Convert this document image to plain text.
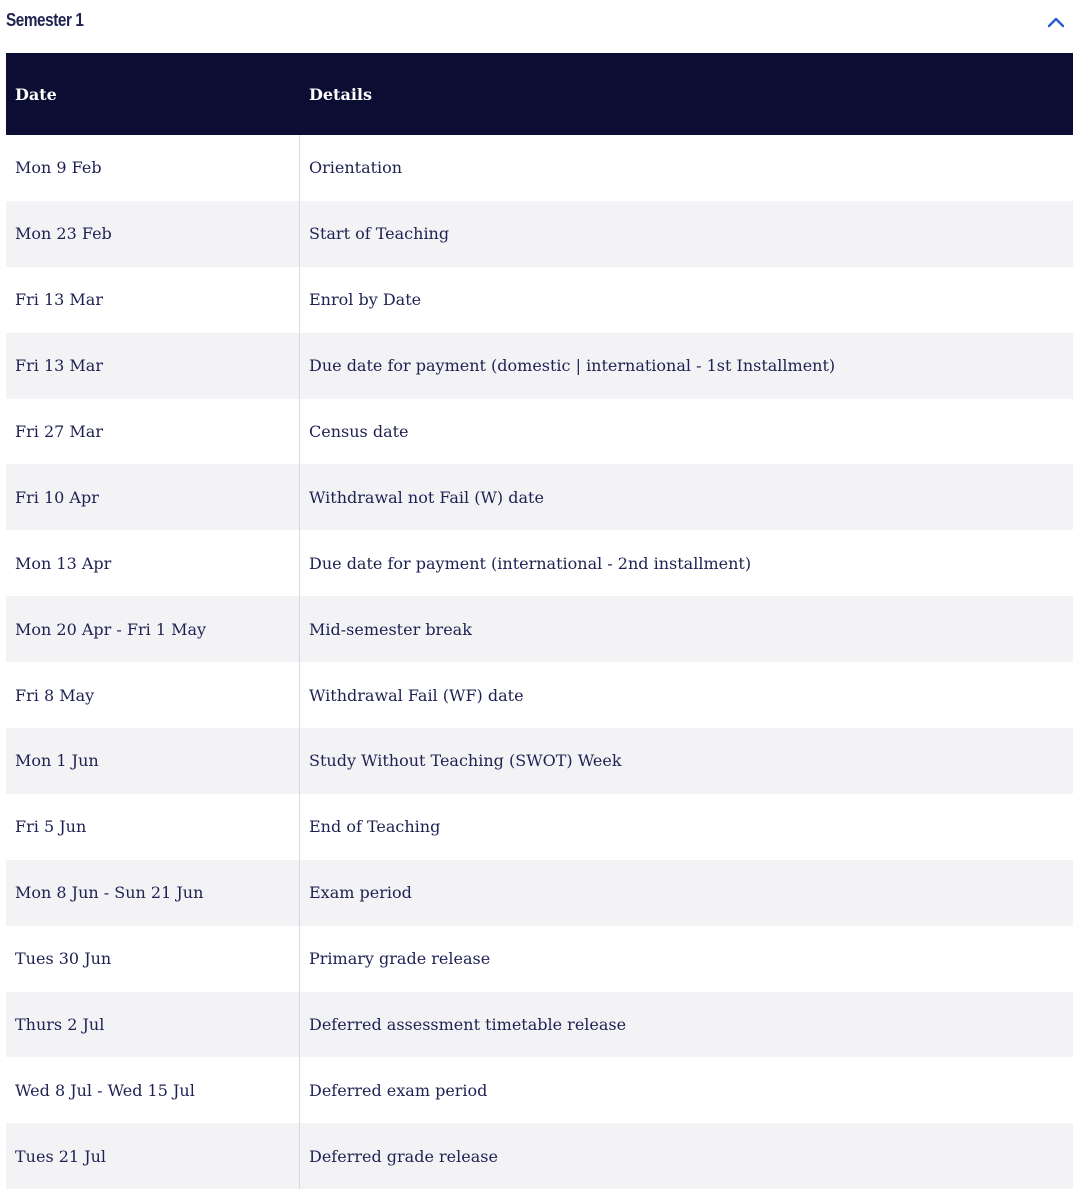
Semester 1
Date	Details
Mon 9 Feb	Orientation
Mon 23 Feb	Start of Teaching
Fri 13 Mar	Enrol by Date
Fri 13 Mar	Due date for payment (domestic | international - 1st Installment)
Fri 27 Mar	Census date
Fri 10 Apr	Withdrawal not Fail (W) date
Mon 13 Apr	Due date for payment (international - 2nd installment)
Mon 20 Apr - Fri 1 May	Mid-semester break
Fri 8 May	Withdrawal Fail (WF) date
Mon 1 Jun	Study Without Teaching (SWOT) Week
Fri 5 Jun	End of Teaching
Mon 8 Jun - Sun 21 Jun	Exam period
Tues 30 Jun	Primary grade release
Thurs 2 Jul	Deferred assessment timetable release
Wed 8 Jul - Wed 15 Jul	Deferred exam period
Tues 21 Jul	Deferred grade release
